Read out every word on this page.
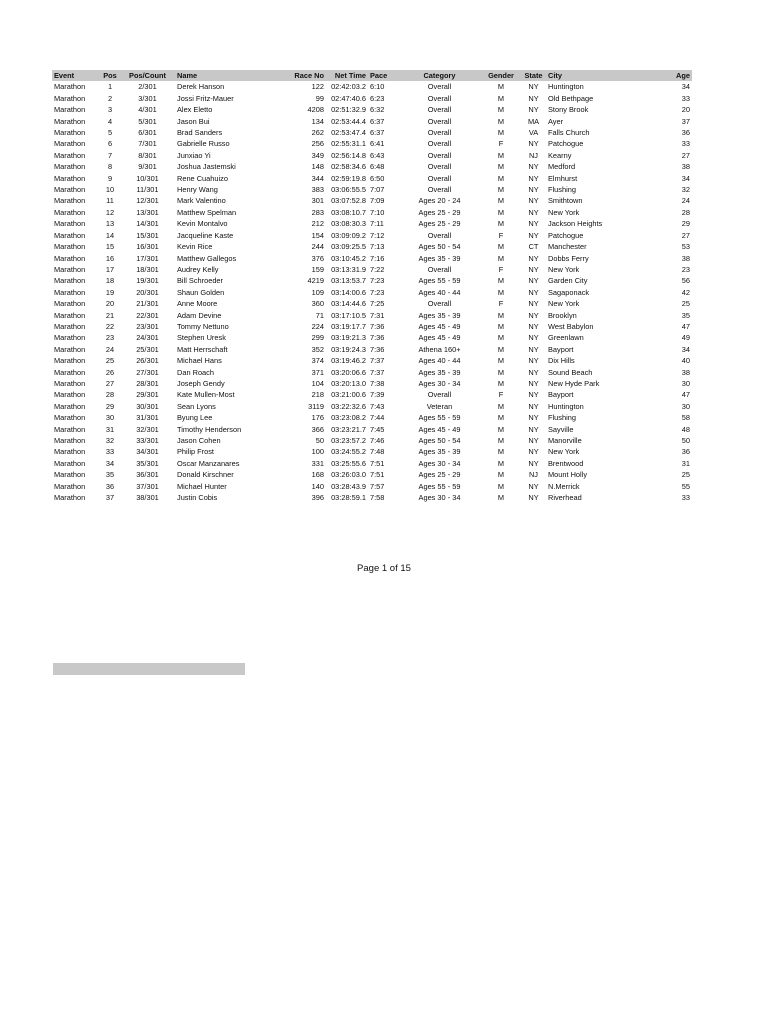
Event	Pos	Pos/Count	Name	Race No	Net Time	Pace	Category	Gender	State	City	Age
Marathon	1	2/301	Derek Hanson	122	02:42:03.2	6:10	Overall	M	NY	Huntington	34
Marathon	2	3/301	Jossi Fritz-Mauer	99	02:47:40.6	6:23	Overall	M	NY	Old Bethpage	33
Marathon	3	4/301	Alex Eletto	4208	02:51:32.9	6:32	Overall	M	NY	Stony Brook	20
Marathon	4	5/301	Jason Bui	134	02:53:44.4	6:37	Overall	M	MA	Ayer	37
Marathon	5	6/301	Brad Sanders	262	02:53:47.4	6:37	Overall	M	VA	Falls Church	36
Marathon	6	7/301	Gabrielle Russo	256	02:55:31.1	6:41	Overall	F	NY	Patchogue	33
Marathon	7	8/301	Junxiao Yi	349	02:56:14.8	6:43	Overall	M	NJ	Kearny	27
Marathon	8	9/301	Joshua Jastemski	148	02:58:34.6	6:48	Overall	M	NY	Medford	38
Marathon	9	10/301	Rene Cuahuizo	344	02:59:19.8	6:50	Overall	M	NY	Elmhurst	34
Marathon	10	11/301	Henry Wang	383	03:06:55.5	7:07	Overall	M	NY	Flushing	32
Marathon	11	12/301	Mark Valentino	301	03:07:52.8	7:09	Ages 20 - 24	M	NY	Smithtown	24
Marathon	12	13/301	Matthew Spelman	283	03:08:10.7	7:10	Ages 25 - 29	M	NY	New York	28
Marathon	13	14/301	Kevin Montalvo	212	03:08:30.3	7:11	Ages 25 - 29	M	NY	Jackson Heights	29
Marathon	14	15/301	Jacqueline Kaste	154	03:09:09.2	7:12	Overall	F	NY	Patchogue	27
Marathon	15	16/301	Kevin Rice	244	03:09:25.5	7:13	Ages 50 - 54	M	CT	Manchester	53
Marathon	16	17/301	Matthew Gallegos	376	03:10:45.2	7:16	Ages 35 - 39	M	NY	Dobbs Ferry	38
Marathon	17	18/301	Audrey Kelly	159	03:13:31.9	7:22	Overall	F	NY	New York	23
Marathon	18	19/301	Bill Schroeder	4219	03:13:53.7	7:23	Ages 55 - 59	M	NY	Garden City	56
Marathon	19	20/301	Shaun Golden	109	03:14:00.6	7:23	Ages 40 - 44	M	NY	Sagaponack	42
Marathon	20	21/301	Anne Moore	360	03:14:44.6	7:25	Overall	F	NY	New York	25
Marathon	21	22/301	Adam Devine	71	03:17:10.5	7:31	Ages 35 - 39	M	NY	Brooklyn	35
Marathon	22	23/301	Tommy Nettuno	224	03:19:17.7	7:36	Ages 45 - 49	M	NY	West Babylon	47
Marathon	23	24/301	Stephen Uresk	299	03:19:21.3	7:36	Ages 45 - 49	M	NY	Greenlawn	49
Marathon	24	25/301	Matt Herrschaft	352	03:19:24.3	7:36	Athena 160+	M	NY	Bayport	34
Marathon	25	26/301	Michael Hans	374	03:19:46.2	7:37	Ages 40 - 44	M	NY	Dix Hills	40
Marathon	26	27/301	Dan Roach	371	03:20:06.6	7:37	Ages 35 - 39	M	NY	Sound Beach	38
Marathon	27	28/301	Joseph Gendy	104	03:20:13.0	7:38	Ages 30 - 34	M	NY	New Hyde Park	30
Marathon	28	29/301	Kate Mullen-Most	218	03:21:00.6	7:39	Overall	F	NY	Bayport	47
Marathon	29	30/301	Sean Lyons	3119	03:22:32.6	7:43	Veteran	M	NY	Huntington	30
Marathon	30	31/301	Byung Lee	176	03:23:08.2	7:44	Ages 55 - 59	M	NY	Flushing	58
Marathon	31	32/301	Timothy Henderson	366	03:23:21.7	7:45	Ages 45 - 49	M	NY	Sayville	48
Marathon	32	33/301	Jason Cohen	50	03:23:57.2	7:46	Ages 50 - 54	M	NY	Manorville	50
Marathon	33	34/301	Philip Frost	100	03:24:55.2	7:48	Ages 35 - 39	M	NY	New York	36
Marathon	34	35/301	Oscar Manzanares	331	03:25:55.6	7:51	Ages 30 - 34	M	NY	Brentwood	31
Marathon	35	36/301	Donald Kirschner	168	03:26:03.0	7:51	Ages 25 - 29	M	NJ	Mount Holly	25
Marathon	36	37/301	Michael Hunter	140	03:28:43.9	7:57	Ages 55 - 59	M	NY	N.Merrick	55
Marathon	37	38/301	Justin Cobis	396	03:28:59.1	7:58	Ages 30 - 34	M	NY	Riverhead	33
Page 1 of 15
